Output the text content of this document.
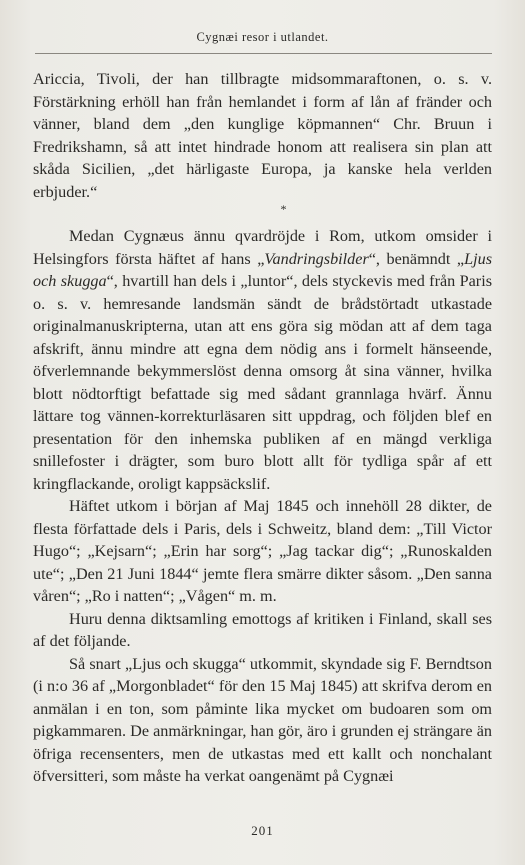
Cygnæi resor i utlandet.

Ariccia, Tivoli, der han tillbragte midsommaraftonen, o. s. v. Förstärkning erhöll han från hemlandet i form af lån af fränder och vänner, bland dem „den kunglige köpmannen“ Chr. Bruun i Fredrikshamn, så att intet hindrade honom att realisera sin plan att skåda Sicilien, „det härligaste Europa, ja kanske hela verlden erbjuder.“

*

Medan Cygnæus ännu qvardröjde i Rom, utkom omsider i Helsingfors första häftet af hans „Vandringsbilder“, benämndt „Ljus och skugga“, hvartill han dels i „luntor“, dels styckevis med från Paris o. s. v. hemresande landsmän sändt de brådstörtadt utkastade originalmanuskripterna, utan att ens göra sig mödan att af dem taga afskrift, ännu mindre att egna dem nödig ans i formelt hänseende, öfverlemnande bekymmerslöst denna omsorg åt sina vänner, hvilka blott nödtorftigt befattade sig med sådant grannlaga hvärf. Ännu lättare tog vännen-korrekturläsaren sitt uppdrag, och följden blef en presentation för den inhemska publiken af en mängd verkliga snillefoster i drägter, som buro blott allt för tydliga spår af ett kringflackande, oroligt kappsäckslif.

Häftet utkom i början af Maj 1845 och innehöll 28 dikter, de flesta författade dels i Paris, dels i Schweitz, bland dem: „Till Victor Hugo“; „Kejsarn“; „Erin har sorg“; „Jag tackar dig“; „Runoskalden ute“; „Den 21 Juni 1844“ jemte flera smärre dikter såsom. „Den sanna våren“; „Ro i natten“; „Vågen“ m. m.

Huru denna diktsamling emottogs af kritiken i Finland, skall ses af det följande.

Så snart „Ljus och skugga“ utkommit, skyndade sig F. Berndtson (i n:o 36 af „Morgonbladet“ för den 15 Maj 1845) att skrifva derom en anmälan i en ton, som påminte lika mycket om budoaren som om pigkammaren. De anmärkningar, han gör, äro i grunden ej strängare än öfriga recensenters, men de utkastas med ett kallt och nonchalant öfversitteri, som måste ha verkat oangenämt på Cygnæi

201
